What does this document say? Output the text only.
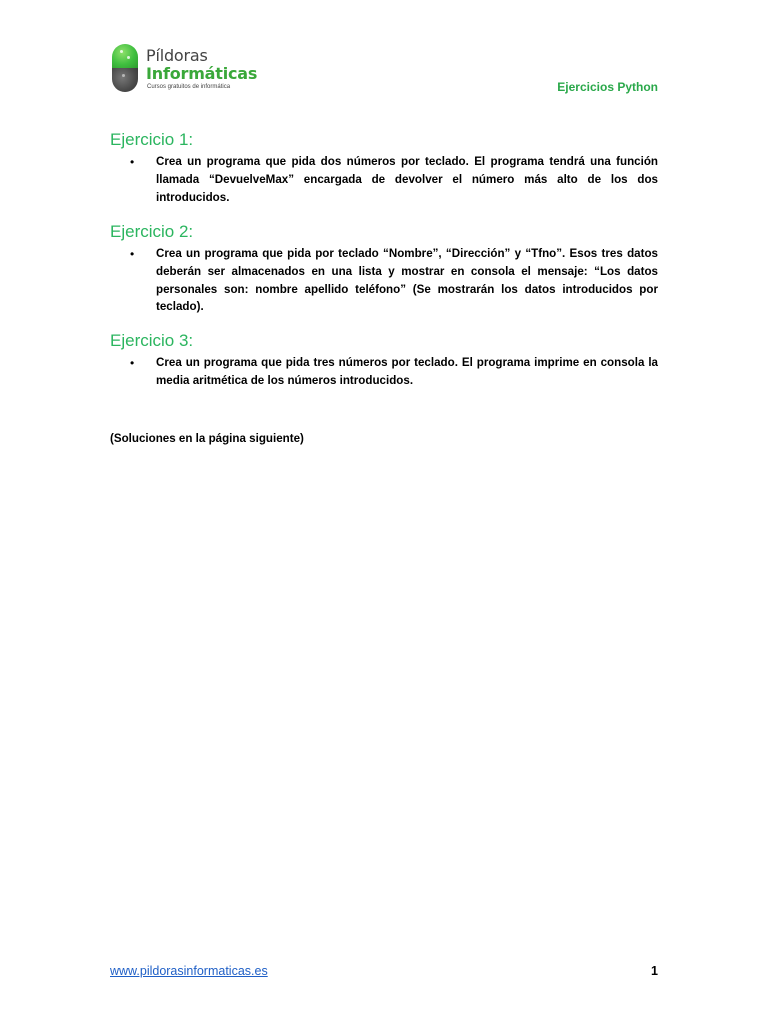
Píldoras
Informáticas
Cursos gratuitos de informática	Ejercicios Python
Ejercicio 1:
•	Crea un programa que pida dos números por teclado. El programa tendrá una función llamada “DevuelveMax” encargada de devolver el número más alto de los dos introducidos.
Ejercicio 2:
•	Crea un programa que pida por teclado “Nombre”, “Dirección” y “Tfno”. Esos tres datos deberán ser almacenados en una lista y mostrar en consola el mensaje: “Los datos personales son: nombre apellido teléfono” (Se mostrarán los datos introducidos por teclado).
Ejercicio 3:
•	Crea un programa que pida tres números por teclado. El programa imprime en consola la media aritmética de los números introducidos.
(Soluciones en la página siguiente)
www.pildorasinformaticas.es	1
